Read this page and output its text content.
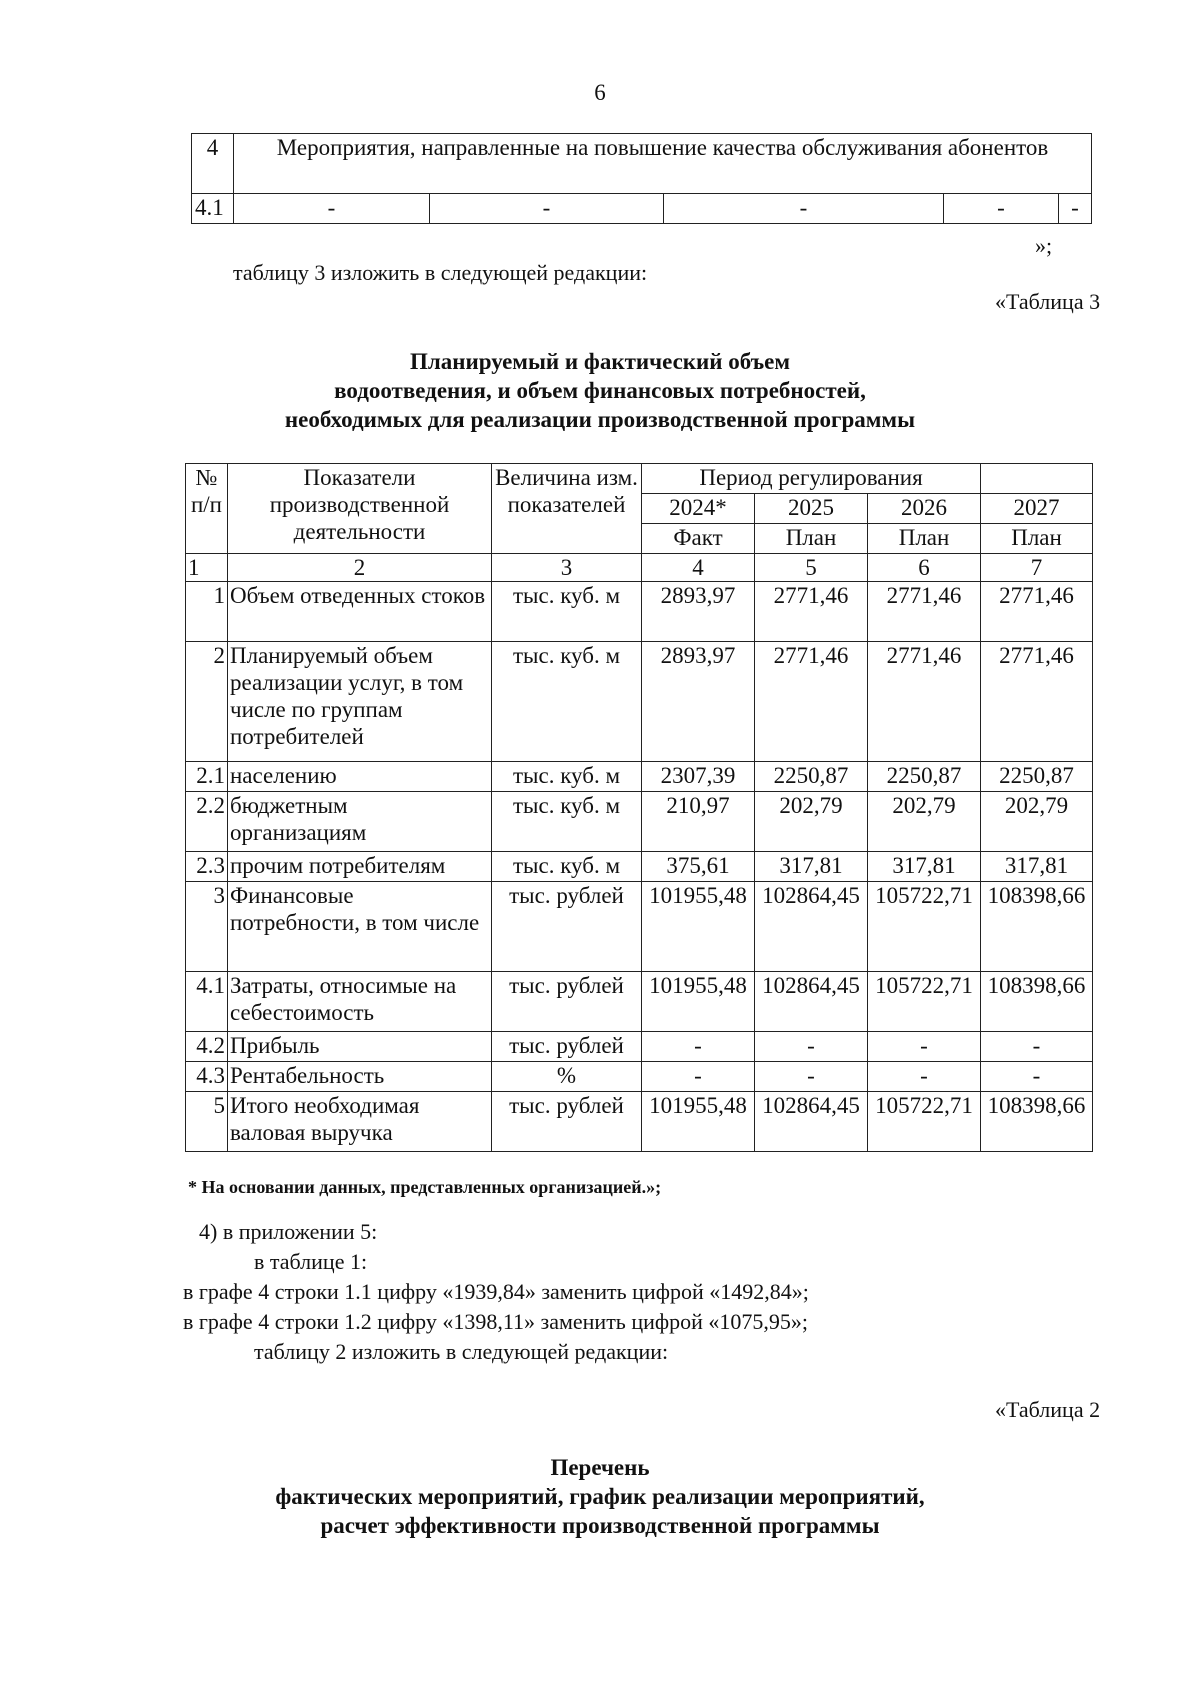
6
4	Мероприятия, направленные на повышение качества обслуживания абонентов				
4.1	-	-	-	-	-
»;
таблицу 3 изложить в следующей редакции:
«Таблица 3
Планируемый и фактический объем
водоотведения, и объем финансовых потребностей,
необходимых для реализации производственной программы
№ п/п	Показатели производственной деятельности	Величина изм. показателей	Период регулирования			
			2024*	2025	2026	2027
			Факт	План	План	План
1	2	3	4	5	6	7
1	Объем отведенных стоков	тыс. куб. м	2893,97	2771,46	2771,46	2771,46
2	Планируемый объем реализации услуг, в том числе по группам потребителей	тыс. куб. м	2893,97	2771,46	2771,46	2771,46
2.1	населению	тыс. куб. м	2307,39	2250,87	2250,87	2250,87
2.2	бюджетным организациям	тыс. куб. м	210,97	202,79	202,79	202,79
2.3	прочим потребителям	тыс. куб. м	375,61	317,81	317,81	317,81
3	Финансовые потребности, в том числе	тыс. рублей	101955,48	102864,45	105722,71	108398,66
4.1	Затраты, относимые на себестоимость	тыс. рублей	101955,48	102864,45	105722,71	108398,66
4.2	Прибыль	тыс. рублей	-	-	-	-
4.3	Рентабельность	%	-	-	-	-
5	Итого необходимая валовая выручка	тыс. рублей	101955,48	102864,45	105722,71	108398,66
* На основании данных, представленных организацией.»;
4) в приложении 5:
в таблице 1:
в графе 4 строки 1.1 цифру «1939,84» заменить цифрой «1492,84»;
в графе 4 строки 1.2 цифру «1398,11» заменить цифрой «1075,95»;
таблицу 2 изложить в следующей редакции:
«Таблица 2
Перечень
фактических мероприятий, график реализации мероприятий,
расчет эффективности производственной программы
